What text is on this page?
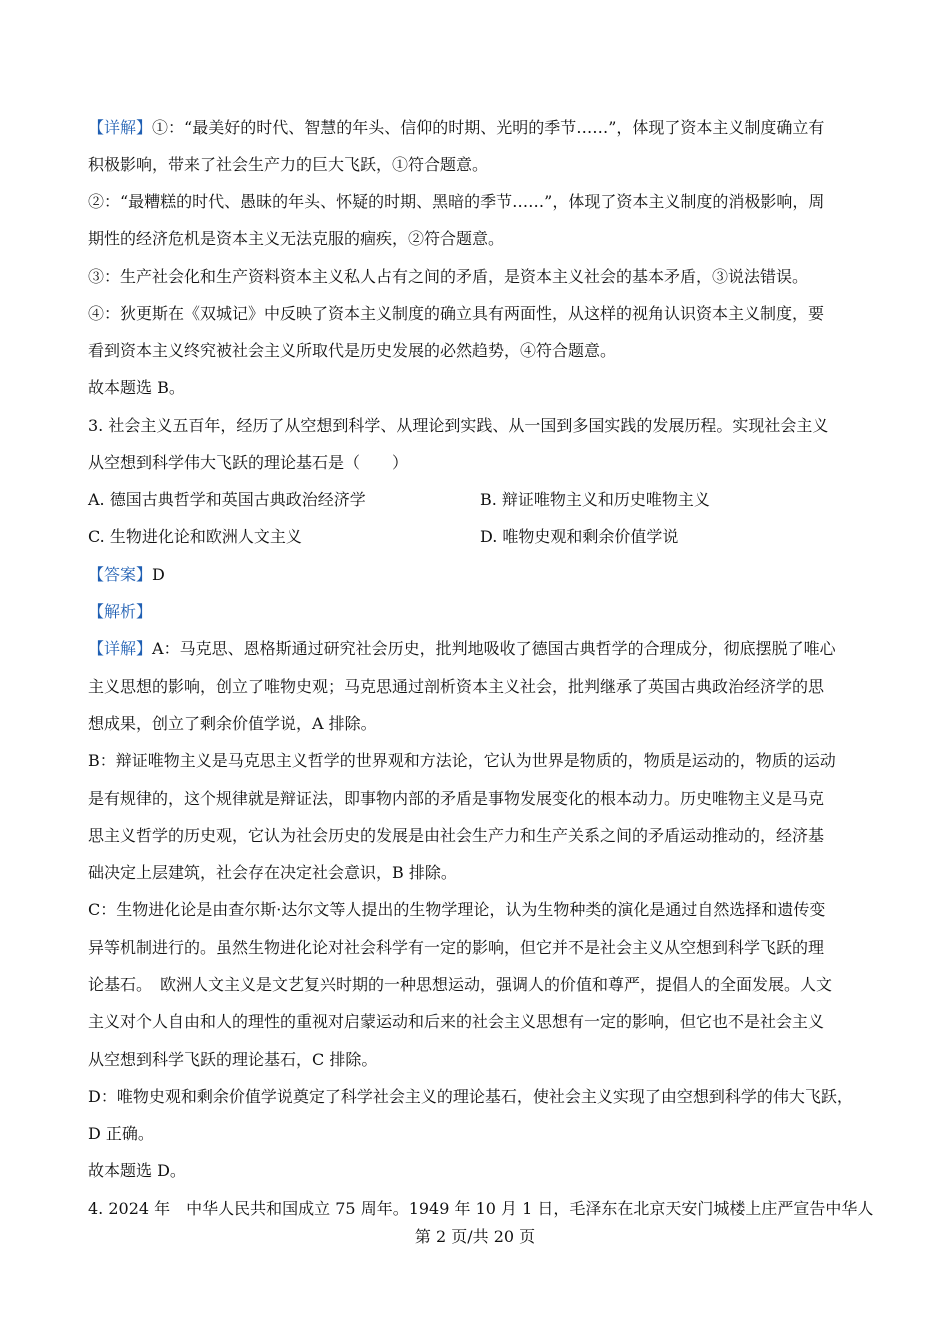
【详解】①：“最美好的时代、智慧的年头、信仰的时期、光明的季节……”，体现了资本主义制度确立有
积极影响，带来了社会生产力的巨大飞跃，①符合题意。
②：“最糟糕的时代、愚昧的年头、怀疑的时期、黑暗的季节……”，体现了资本主义制度的消极影响，周
期性的经济危机是资本主义无法克服的痼疾，②符合题意。
③：生产社会化和生产资料资本主义私人占有之间的矛盾，是资本主义社会的基本矛盾，③说法错误。
④：狄更斯在《双城记》中反映了资本主义制度的确立具有两面性，从这样的视角认识资本主义制度，要
看到资本主义终究被社会主义所取代是历史发展的必然趋势，④符合题意。
故本题选 B。
3. 社会主义五百年，经历了从空想到科学、从理论到实践、从一国到多国实践的发展历程。实现社会主义
从空想到科学伟大飞跃的理论基石是（　　）
A. 德国古典哲学和英国古典政治经济学	B. 辩证唯物主义和历史唯物主义
C. 生物进化论和欧洲人文主义	D. 唯物史观和剩余价值学说
【答案】D
【解析】
【详解】A：马克思、恩格斯通过研究社会历史，批判地吸收了德国古典哲学的合理成分，彻底摆脱了唯心
主义思想的影响，创立了唯物史观；马克思通过剖析资本主义社会，批判继承了英国古典政治经济学的思
想成果，创立了剩余价值学说，A 排除。
B：辩证唯物主义是马克思主义哲学的世界观和方法论，它认为世界是物质的，物质是运动的，物质的运动
是有规律的，这个规律就是辩证法，即事物内部的矛盾是事物发展变化的根本动力。历史唯物主义是马克
思主义哲学的历史观，它认为社会历史的发展是由社会生产力和生产关系之间的矛盾运动推动的，经济基
础决定上层建筑，社会存在决定社会意识，B 排除。
C：生物进化论是由查尔斯·达尔文等人提出的生物学理论，认为生物种类的演化是通过自然选择和遗传变
异等机制进行的。虽然生物进化论对社会科学有一定的影响，但它并不是社会主义从空想到科学飞跃的理
论基石。　欧洲人文主义是文艺复兴时期的一种思想运动，强调人的价值和尊严，提倡人的全面发展。人文
主义对个人自由和人的理性的重视对启蒙运动和后来的社会主义思想有一定的影响，但它也不是社会主义
从空想到科学飞跃的理论基石，C 排除。
D：唯物史观和剩余价值学说奠定了科学社会主义的理论基石，使社会主义实现了由空想到科学的伟大飞跃，
D 正确。
故本题选 D。
4. 2024 年　中华人民共和国成立 75 周年。1949 年 10 月 1 日，毛泽东在北京天安门城楼上庄严宣告中华人
第 2 页/共 20 页
